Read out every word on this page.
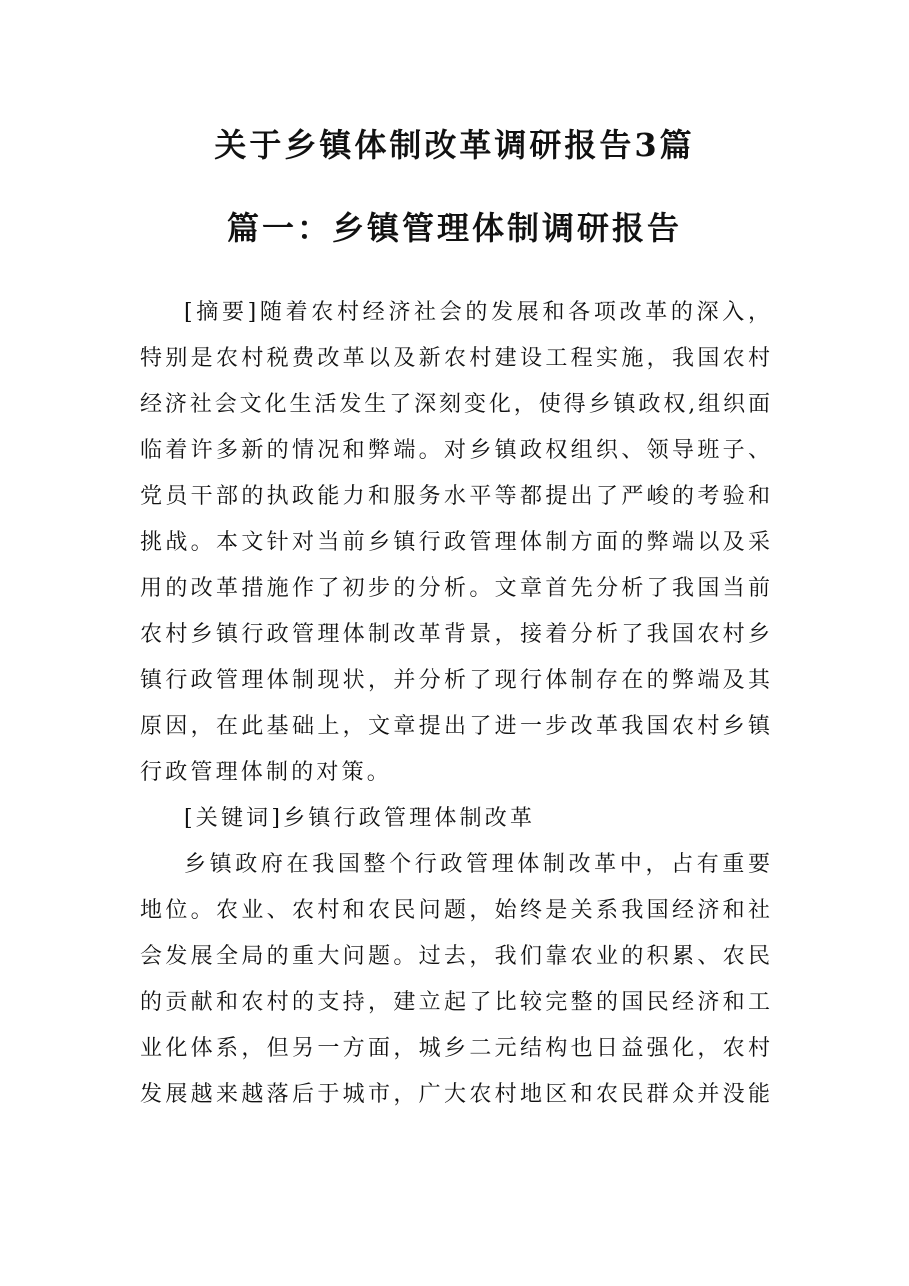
关于乡镇体制改革调研报告3篇
篇一：乡镇管理体制调研报告

[摘要]随着农村经济社会的发展和各项改革的深入，

特别是农村税费改革以及新农村建设工程实施，我国农村

经济社会文化生活发生了深刻变化，使得乡镇政权,组织面

临着许多新的情况和弊端。对乡镇政权组织、领导班子、

党员干部的执政能力和服务水平等都提出了严峻的考验和

挑战。本文针对当前乡镇行政管理体制方面的弊端以及采

用的改革措施作了初步的分析。文章首先分析了我国当前

农村乡镇行政管理体制改革背景，接着分析了我国农村乡

镇行政管理体制现状，并分析了现行体制存在的弊端及其

原因，在此基础上，文章提出了进一步改革我国农村乡镇

行政管理体制的对策。

[关键词]乡镇行政管理体制改革

乡镇政府在我国整个行政管理体制改革中，占有重要

地位。农业、农村和农民问题，始终是关系我国经济和社

会发展全局的重大问题。过去，我们靠农业的积累、农民

的贡献和农村的支持，建立起了比较完整的国民经济和工

业化体系，但另一方面，城乡二元结构也日益强化，农村

发展越来越落后于城市，广大农村地区和农民群众并没能
